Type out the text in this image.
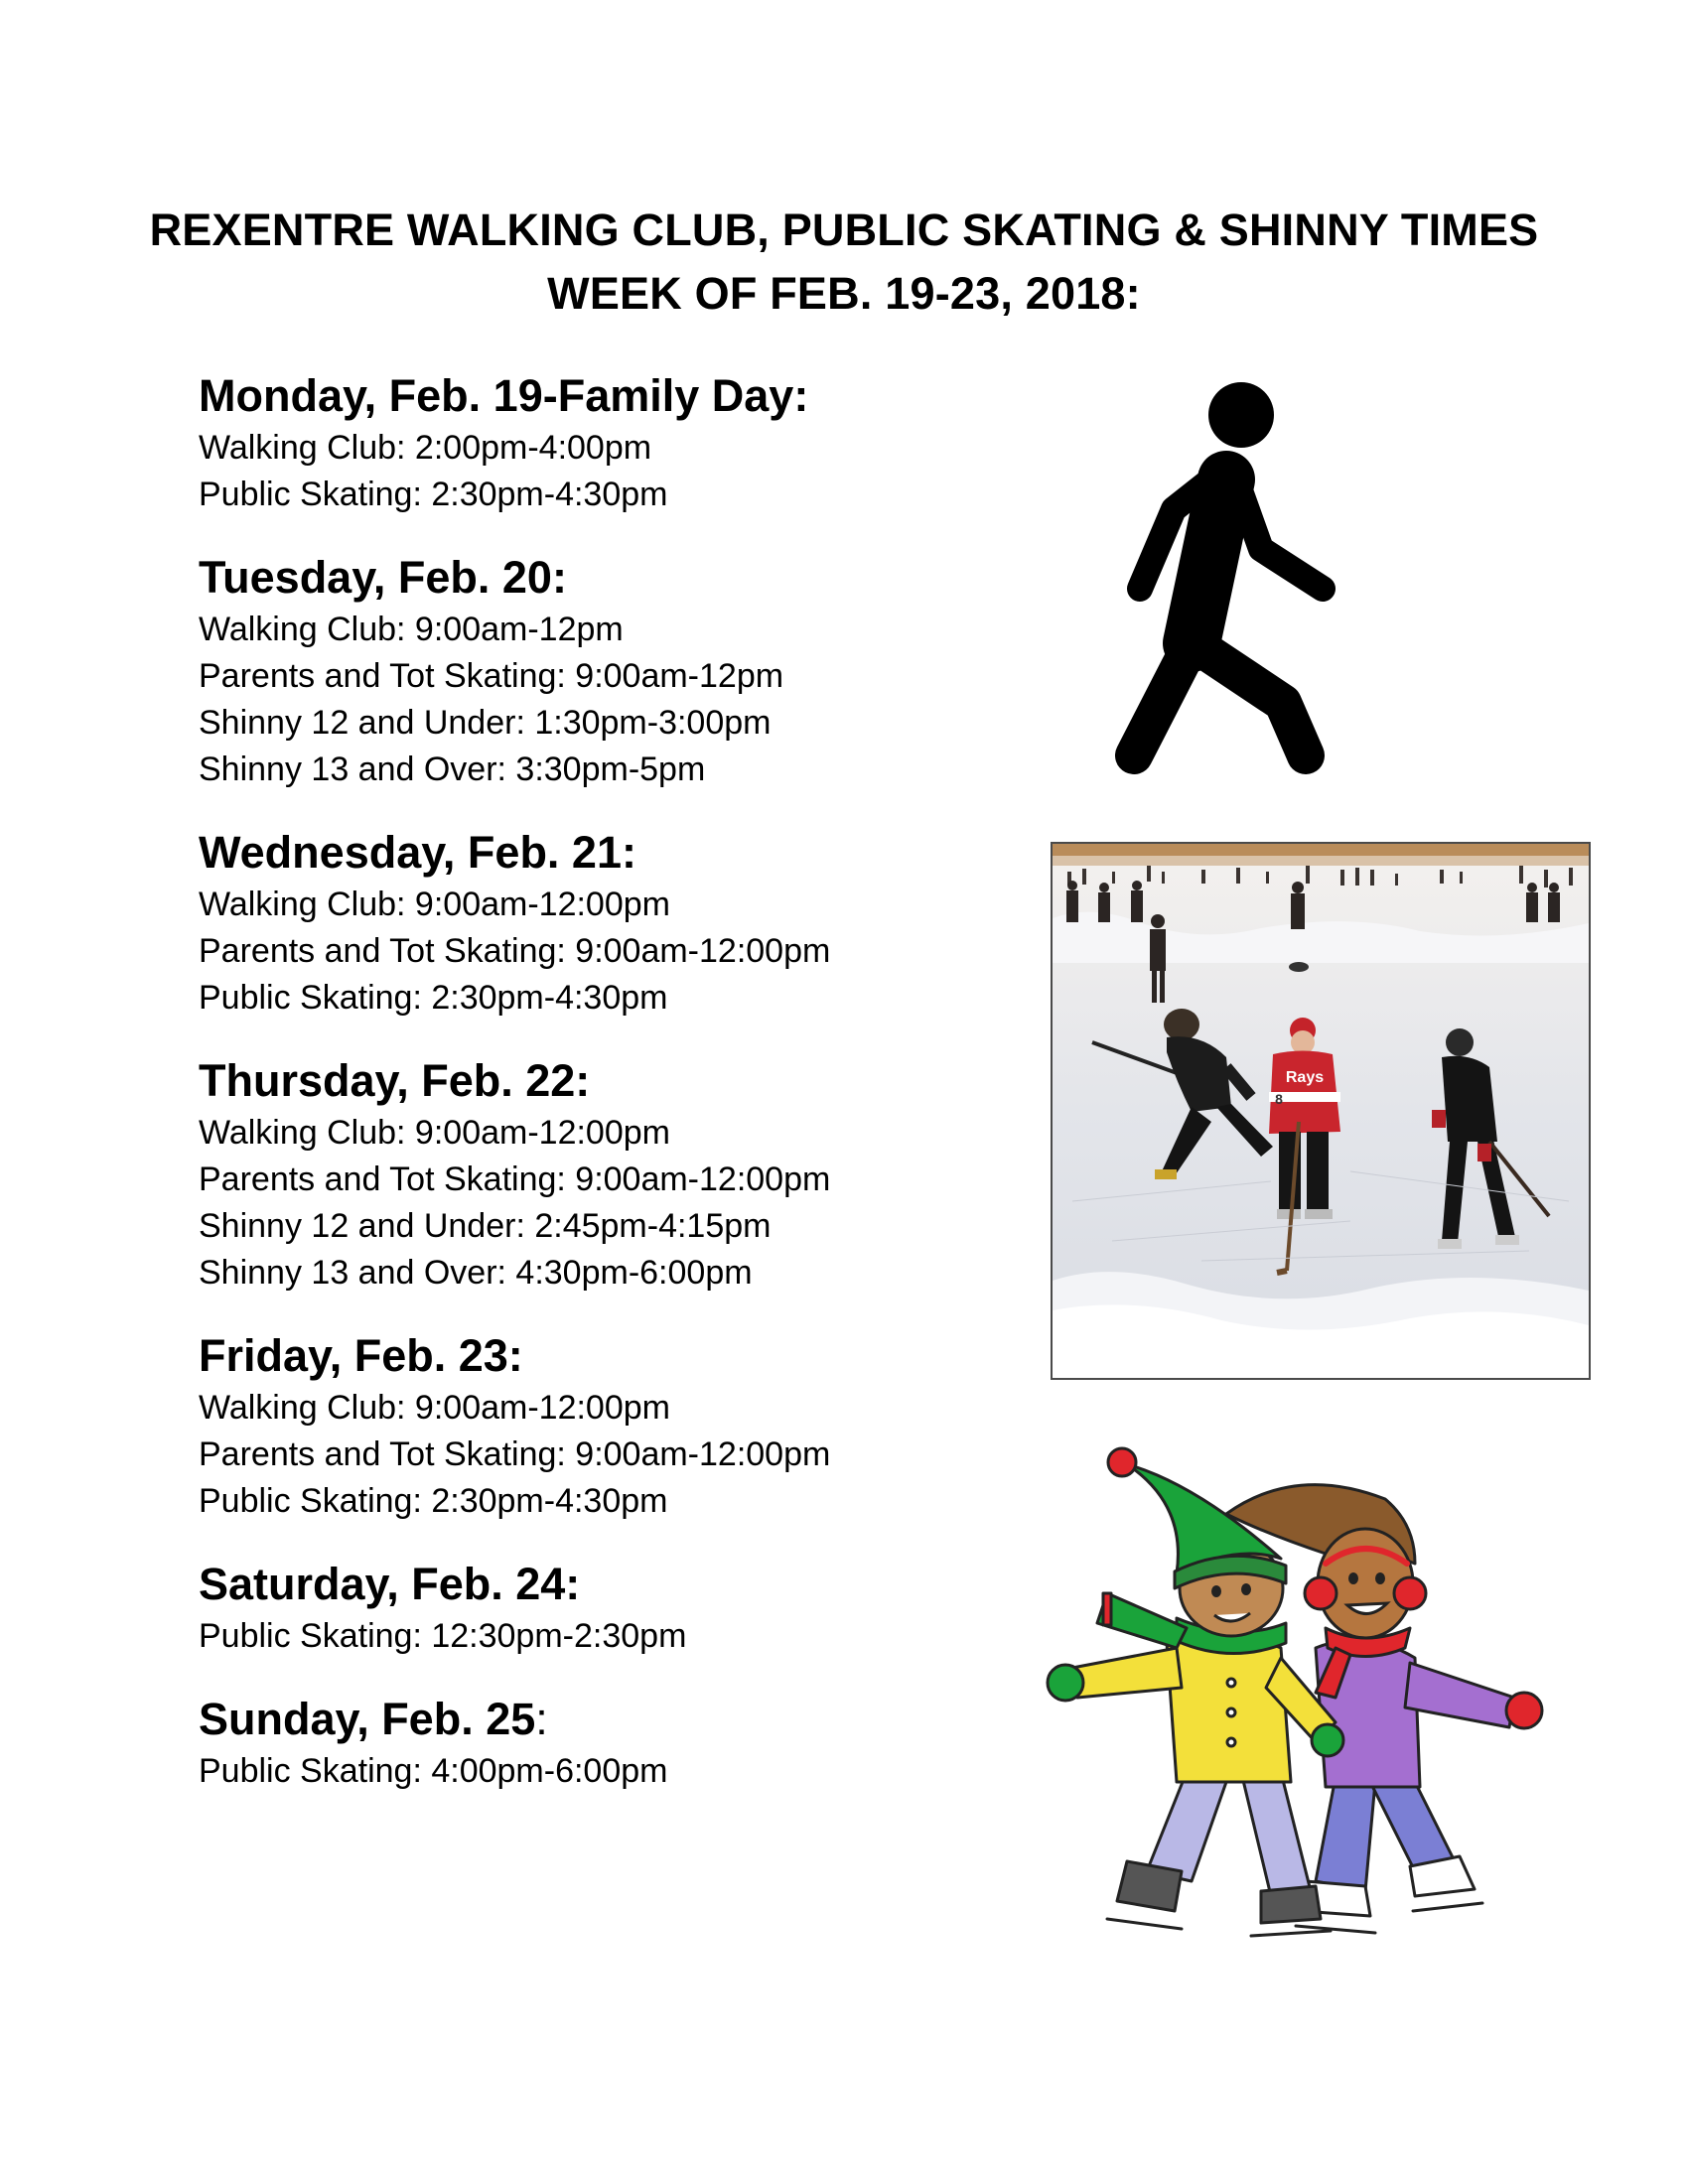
REXENTRE WALKING CLUB, PUBLIC SKATING & SHINNY TIMES
WEEK OF FEB. 19-23, 2018:
Monday, Feb. 19-Family Day:
Walking Club: 2:00pm-4:00pm
Public Skating: 2:30pm-4:30pm
Tuesday, Feb. 20:
Walking Club: 9:00am-12pm
Parents and Tot Skating: 9:00am-12pm
Shinny 12 and Under: 1:30pm-3:00pm
Shinny 13 and Over: 3:30pm-5pm
Wednesday, Feb. 21:
Walking Club: 9:00am-12:00pm
Parents and Tot Skating: 9:00am-12:00pm
Public Skating: 2:30pm-4:30pm
Thursday, Feb. 22:
Walking Club: 9:00am-12:00pm
Parents and Tot Skating: 9:00am-12:00pm
Shinny 12 and Under: 2:45pm-4:15pm
Shinny 13 and Over: 4:30pm-6:00pm
Friday, Feb. 23:
Walking Club: 9:00am-12:00pm
Parents and Tot Skating: 9:00am-12:00pm
Public Skating: 2:30pm-4:30pm
Saturday, Feb. 24:
Public Skating: 12:30pm-2:30pm
Sunday, Feb. 25:
Public Skating: 4:00pm-6:00pm
Rays
8
